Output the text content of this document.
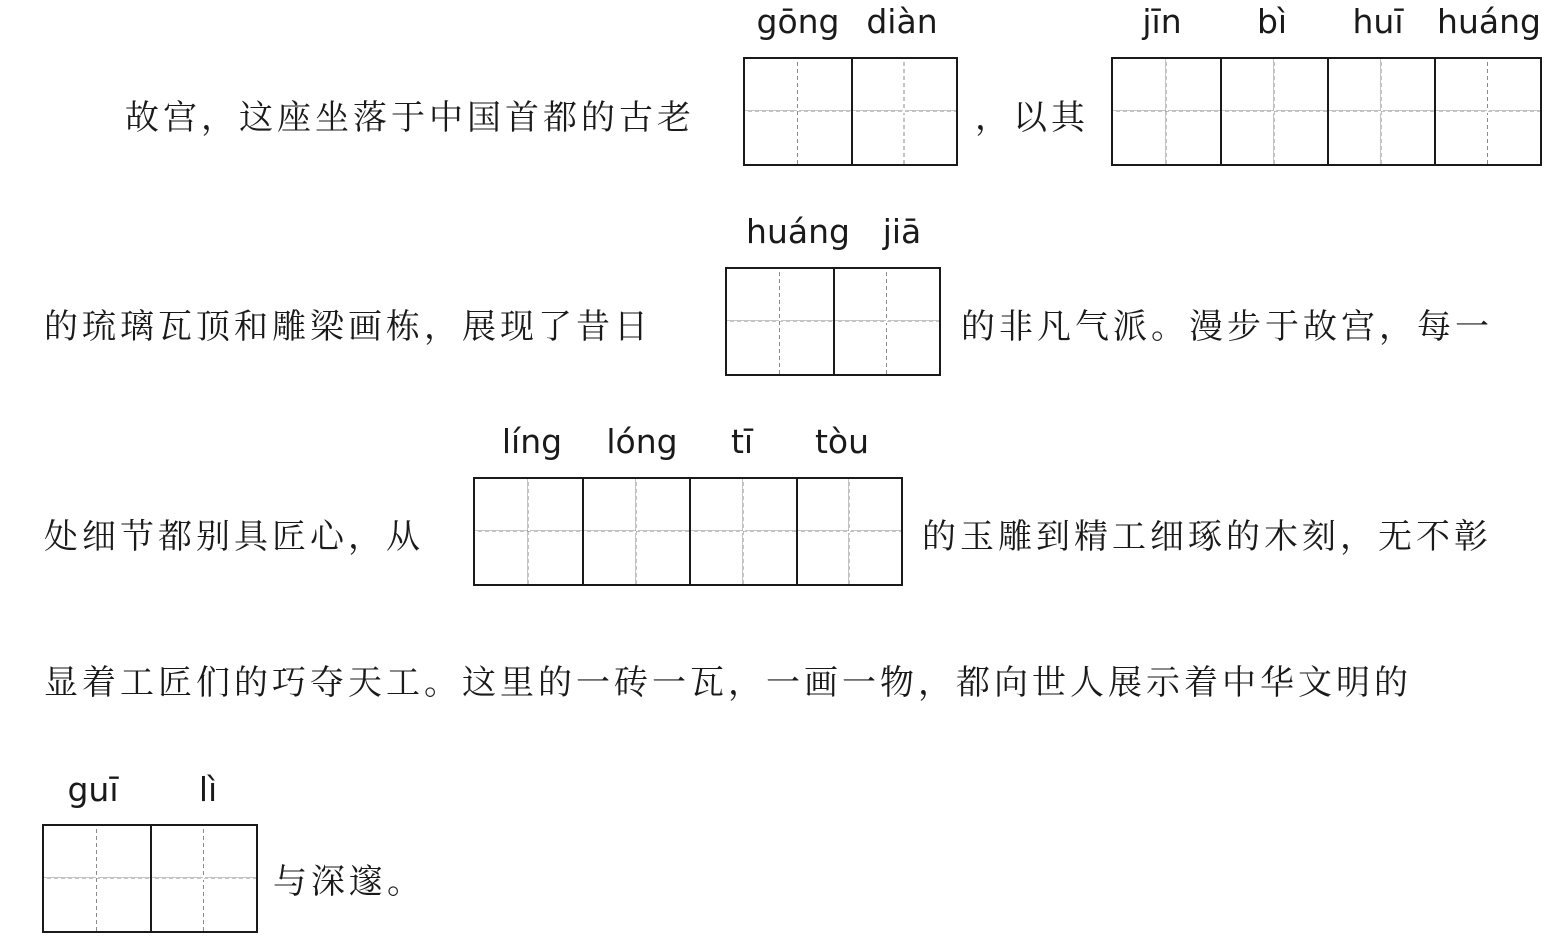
故宫，这座坐落于中国首都的古老
gōng diàn
，以其
jīn	bì	huī	huáng
的琉璃瓦顶和雕梁画栋，展现了昔日
huáng jiā
的非凡气派。漫步于故宫，每一
处细节都别具匠心，从
líng	lóng	tī	tòu
的玉雕到精工细琢的木刻，无不彰
显着工匠们的巧夺天工。这里的一砖一瓦，一画一物，都向世人展示着中华文明的
guī	lì
与深邃。
